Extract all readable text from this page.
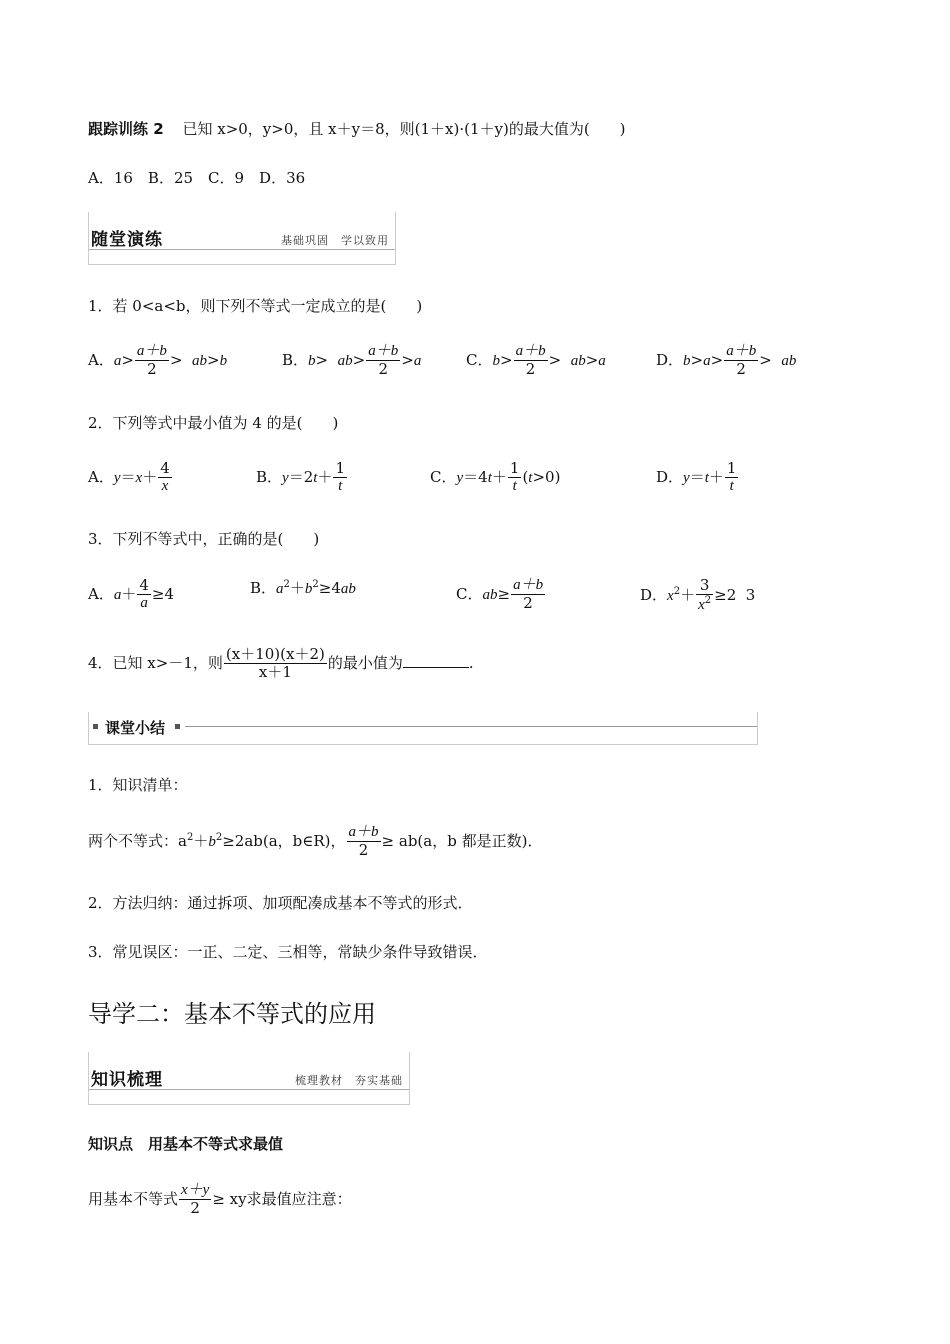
跟踪训练 2 已知 x>0，y>0，且 x＋y＝8，则(1＋x)·(1＋y)的最大值为(　　)
A．16　B．25　C．9　D．36
随堂演练	基础巩固　学以致用
1．若 0<a<b，则下列不等式一定成立的是(　　)
A．$a> \frac{a+b}{2} > ab>b$	B．$b> ab> \frac{a+b}{2} >a$	C．$b> \frac{a+b}{2} > ab>a$	D．$b>a> \frac{a+b}{2}$ >  ab
2．下列等式中最小值为 4 的是(　　)
A．$y=x+ \frac{4}{x}$	B．$y=2t+ \frac{1}{t}$	C．$y=4t+ \frac{1}{t} (t>0)$	D．$y=t+ \frac{1}{t}$
3．下列不等式中，正确的是(　　)
A．$a+ \frac{4}{a} \ge 4$	B．$a^2+b^2\ge 4ab$	C．$ab\ge \frac{a+b}{2}$	D．$x^2+ \frac{3}{x^2} \ge 2$  3
4．已知 x>－1，则 $\frac{(x+10)(x+2)}{x+1}$ 的最小值为	.
课堂小结
1．知识清单：
两个不等式：$a^2+b^2\ge 2ab(a$，b∈R)， $\frac{a+b}{2} \ge ab(a$，b 都是正数)．
2．方法归纳：通过拆项、加项配凑成基本不等式的形式．
3．常见误区：一正、二定、三相等，常缺少条件导致错误．
导学二：基本不等式的应用
知识梳理	梳理教材　夯实基础
知识点　用基本不等式求最值
用基本不等式 $\frac{x+y}{2}$ ≥ xy求最值应注意：
